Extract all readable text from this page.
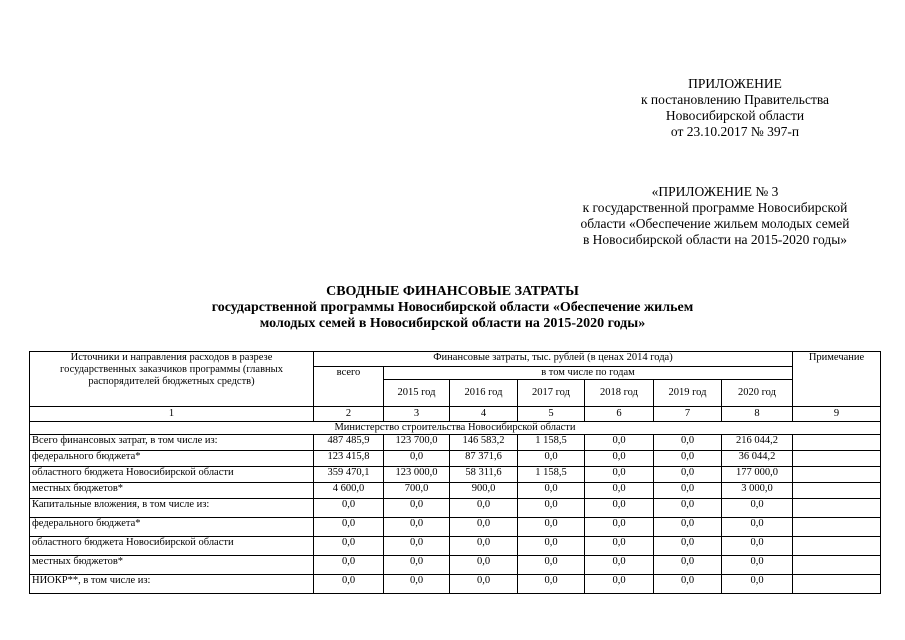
ПРИЛОЖЕНИЕ
к постановлению Правительства
Новосибирской области
от 23.10.2017 № 397-п
«ПРИЛОЖЕНИЕ № 3
к государственной программе Новосибирской
области «Обеспечение жильем молодых семей
в Новосибирской области на 2015-2020 годы»
СВОДНЫЕ ФИНАНСОВЫЕ ЗАТРАТЫ
государственной программы Новосибирской области «Обеспечение жильем
молодых семей в Новосибирской области на 2015-2020 годы»
Источники и направления расходов в разрезе государственных заказчиков программы (главных распорядителей бюджетных средств)	Финансовые затраты, тыс. рублей (в ценах 2014 года)							Примечание
	всего	в том числе по годам						
		2015 год	2016 год	2017 год	2018 год	2019 год	2020 год	
1	2	3	4	5	6	7	8	9
Министерство строительства Новосибирской области								
Всего финансовых затрат, в том числе из:	487 485,9	123 700,0	146 583,2	1 158,5	0,0	0,0	216 044,2	
федерального бюджета*	123 415,8	0,0	87 371,6	0,0	0,0	0,0	36 044,2	
областного бюджета Новосибирской области	359 470,1	123 000,0	58 311,6	1 158,5	0,0	0,0	177 000,0	
местных бюджетов*	4 600,0	700,0	900,0	0,0	0,0	0,0	3 000,0	
Капитальные вложения, в том числе из:	0,0	0,0	0,0	0,0	0,0	0,0	0,0	
федерального бюджета*	0,0	0,0	0,0	0,0	0,0	0,0	0,0	
областного бюджета Новосибирской области	0,0	0,0	0,0	0,0	0,0	0,0	0,0	
местных бюджетов*	0,0	0,0	0,0	0,0	0,0	0,0	0,0	
НИОКР**, в том числе из:	0,0	0,0	0,0	0,0	0,0	0,0	0,0	
